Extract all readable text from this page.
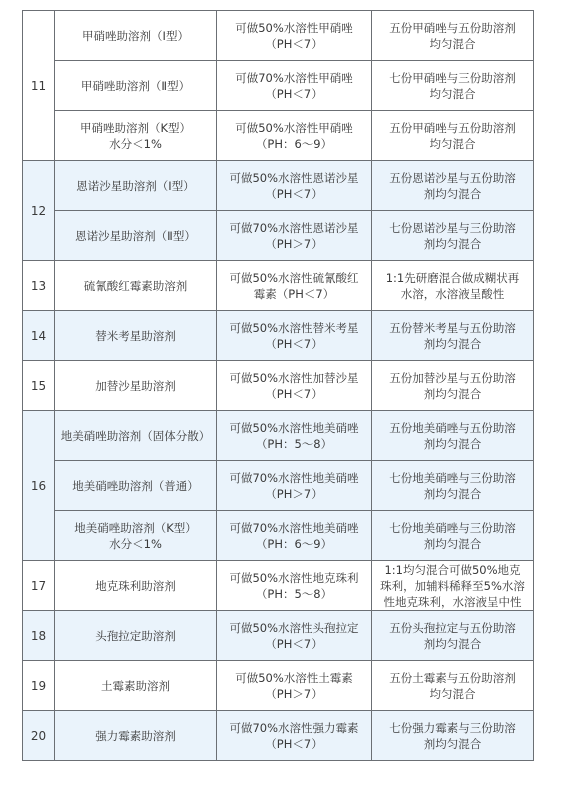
11	甲硝唑助溶剂（Ⅰ型）	可做50%水溶性甲硝唑
（PH＜7）	五份甲硝唑与五份助溶剂
均匀混合

	甲硝唑助溶剂（Ⅱ型）	可做70%水溶性甲硝唑
（PH＜7）	七份甲硝唑与三份助溶剂
均匀混合

	甲硝唑助溶剂（K型）
水分＜1%	可做50%水溶性甲硝唑
（PH：6～9）	五份甲硝唑与五份助溶剂
均匀混合

12	恩诺沙星助溶剂（Ⅰ型）	可做50%水溶性恩诺沙星
（PH＜7）	五份恩诺沙星与五份助溶
剂均匀混合

	恩诺沙星助溶剂（Ⅱ型）	可做70%水溶性恩诺沙星
（PH＞7）	七份恩诺沙星与三份助溶
剂均匀混合

13	硫氰酸红霉素助溶剂	可做50%水溶性硫氰酸红
霉素（PH＜7）	1:1先研磨混合做成糊状再
水溶，水溶液呈酸性

14	替米考星助溶剂	可做50%水溶性替米考星
（PH＜7）	五份替米考星与五份助溶
剂均匀混合

15	加替沙星助溶剂	可做50%水溶性加替沙星
（PH＜7）	五份加替沙星与五份助溶
剂均匀混合

16	地美硝唑助溶剂（固体分散）	可做50%水溶性地美硝唑
（PH：5～8）	五份地美硝唑与五份助溶
剂均匀混合

	地美硝唑助溶剂（普通）	可做70%水溶性地美硝唑
（PH＞7）	七份地美硝唑与三份助溶
剂均匀混合

	地美硝唑助溶剂（K型）
水分＜1%	可做70%水溶性地美硝唑
（PH：6～9）	七份地美硝唑与三份助溶
剂均匀混合

17	地克珠利助溶剂	可做50%水溶性地克珠利
（PH：5～8）	1:1均匀混合可做50%地克
珠利，加辅料稀释至5%水溶
性地克珠利，水溶液呈中性

18	头孢拉定助溶剂	可做50%水溶性头孢拉定
（PH＜7）	五份头孢拉定与五份助溶
剂均匀混合

19	土霉素助溶剂	可做50%水溶性土霉素
（PH＞7）	五份土霉素与五份助溶剂
均匀混合

20	强力霉素助溶剂	可做70%水溶性强力霉素
（PH＜7）	七份强力霉素与三份助溶
剂均匀混合
